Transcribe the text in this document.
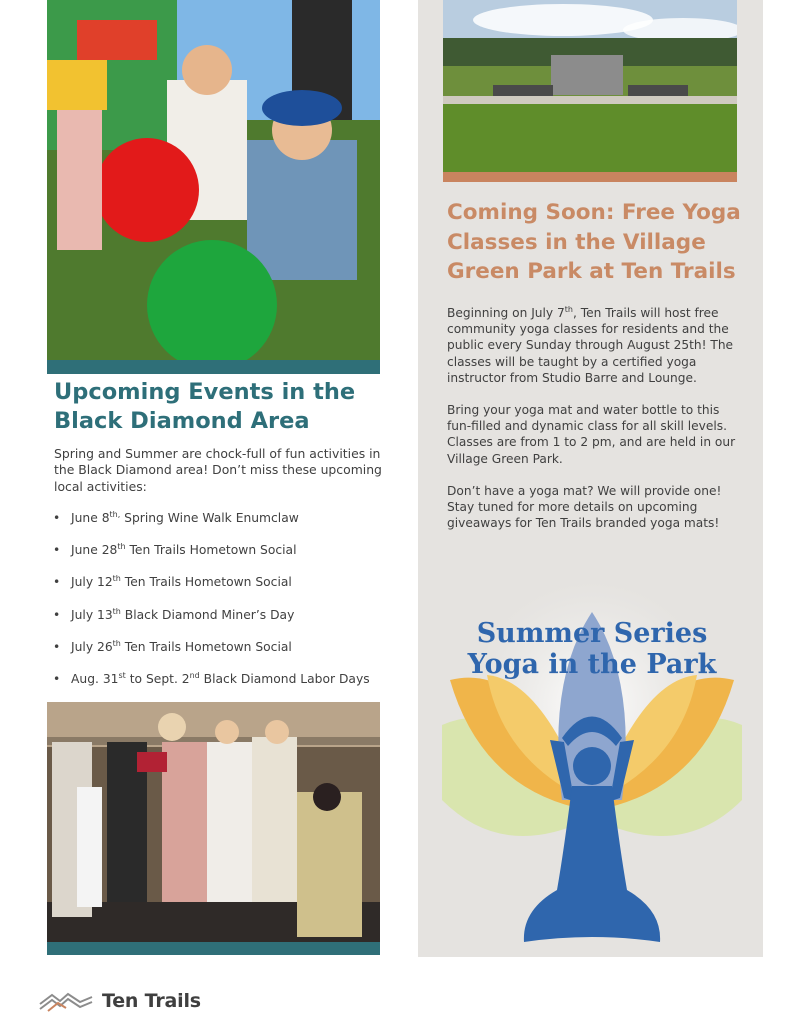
Upcoming Events in the Black Diamond Area

Spring and Summer are chock-full of fun activities in the Black Diamond area! Don’t miss these upcoming local activities:

• June $8^{th,}$ Spring Wine Walk Enumclaw
• June 28th Ten Trails Hometown Social
• July 12th Ten Trails Hometown Social
• July 13th Black Diamond Miner’s Day
• July 26th Ten Trails Hometown Social
• Aug. 31st to Sept. 2nd Black Diamond Labor Days
Coming Soon: Free Yoga Classes in the Village Green Park at Ten Trails

Beginning on July 7th, Ten Trails will host free community yoga classes for residents and the public every Sunday through August 25th! The classes will be taught by a certified yoga instructor from Studio Barre and Lounge.

Bring your yoga mat and water bottle to this fun-filled and dynamic class for all skill levels. Classes are from 1 to 2 pm, and are held in our Village Green Park.

Don’t have a yoga mat? We will provide one! Stay tuned for more details on upcoming giveaways for Ten Trails branded yoga mats!

Summer Series
Yoga in the Park
Ten Trails
